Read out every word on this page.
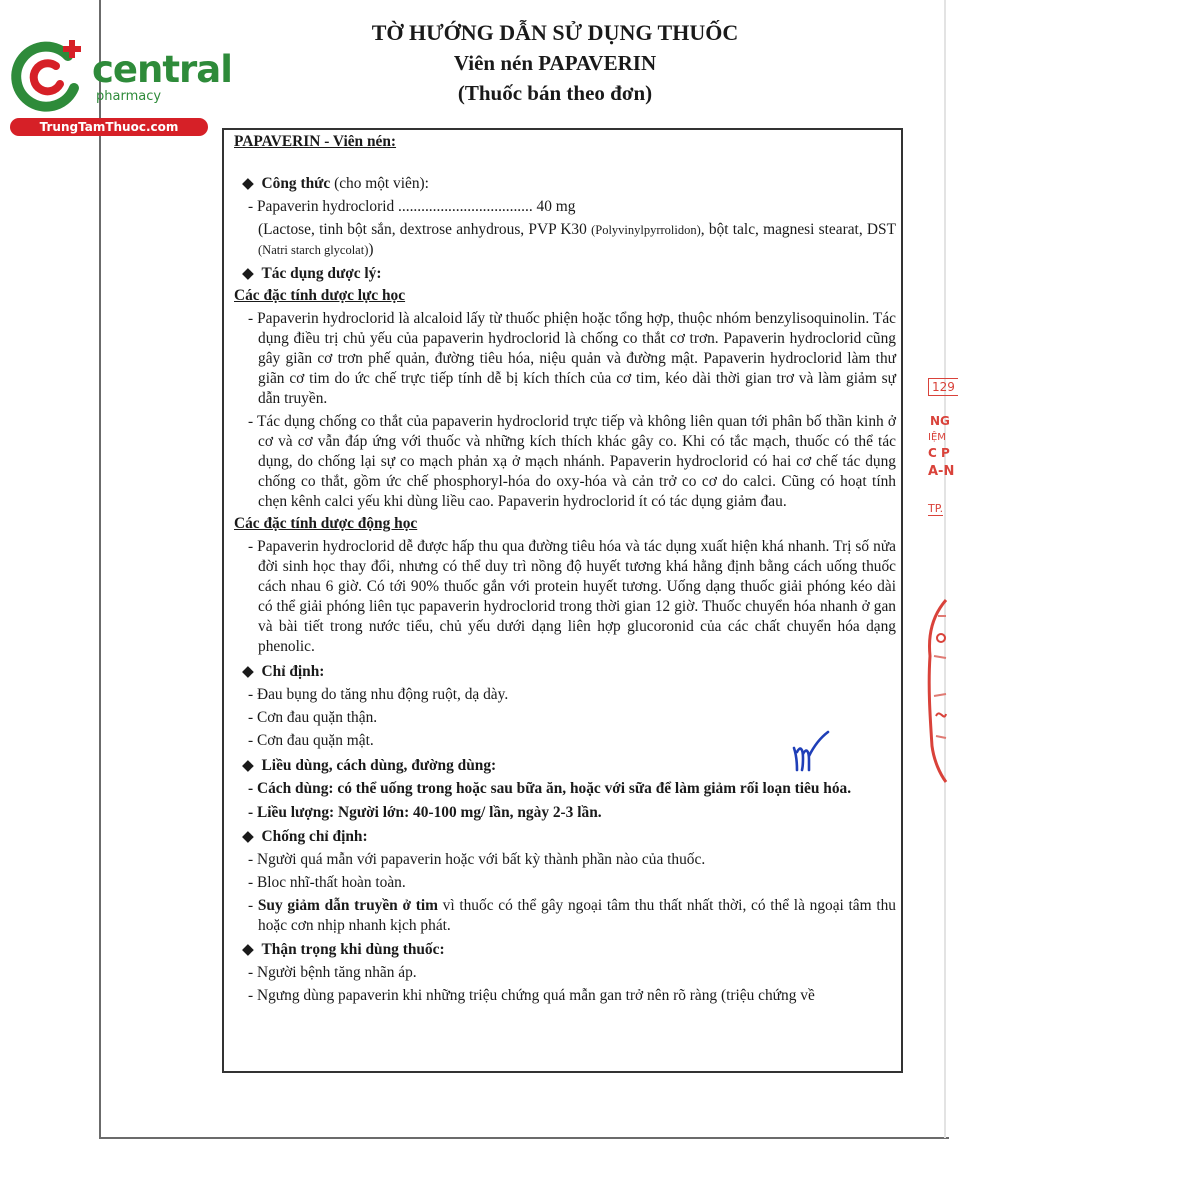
central
pharmacy
TrungTamThuoc.com
TỜ HƯỚNG DẪN SỬ DỤNG THUỐC
Viên nén PAPAVERIN
(Thuốc bán theo đơn)
129
NG
IỆM
C P
A-N
TP.

PAPAVERIN - Viên nén:

◆  Công thức (cho một viên):

- Papaverin hydroclorid ................................... 40 mg

(Lactose, tinh bột sắn, dextrose anhydrous, PVP K30 (Polyvinylpyrrolidon), bột talc, magnesi stearat, DST (Natri starch glycolat))

◆  Tác dụng dược lý:

Các đặc tính dược lực học

- Papaverin hydroclorid là alcaloid lấy từ thuốc phiện hoặc tổng hợp, thuộc nhóm benzylisoquinolin. Tác dụng điều trị chủ yếu của papaverin hydroclorid là chống co thắt cơ trơn. Papaverin hydroclorid cũng gây giãn cơ trơn phế quản, đường tiêu hóa, niệu quản và đường mật. Papaverin hydroclorid làm thư giãn cơ tim do ức chế trực tiếp tính dễ bị kích thích của cơ tim, kéo dài thời gian trơ và làm giảm sự dẫn truyền.

- Tác dụng chống co thắt của papaverin hydroclorid trực tiếp và không liên quan tới phân bố thần kinh ở cơ và cơ vẫn đáp ứng với thuốc và những kích thích khác gây co. Khi có tắc mạch, thuốc có thể tác dụng, do chống lại sự co mạch phản xạ ở mạch nhánh. Papaverin hydroclorid có hai cơ chế tác dụng chống co thắt, gồm ức chế phosphoryl-hóa do oxy-hóa và cản trở co cơ do calci. Cũng có hoạt tính chẹn kênh calci yếu khi dùng liều cao. Papaverin hydroclorid ít có tác dụng giảm đau.

Các đặc tính dược động học

- Papaverin hydroclorid dễ được hấp thu qua đường tiêu hóa và tác dụng xuất hiện khá nhanh. Trị số nửa đời sinh học thay đổi, nhưng có thể duy trì nồng độ huyết tương khá hằng định bằng cách uống thuốc cách nhau 6 giờ. Có tới 90% thuốc gắn với protein huyết tương. Uống dạng thuốc giải phóng kéo dài có thể giải phóng liên tục papaverin hydroclorid trong thời gian 12 giờ. Thuốc chuyển hóa nhanh ở gan và bài tiết trong nước tiểu, chủ yếu dưới dạng liên hợp glucoronid của các chất chuyển hóa dạng phenolic.

◆  Chỉ định:

- Đau bụng do tăng nhu động ruột, dạ dày.

- Cơn đau quặn thận.

- Cơn đau quặn mật.

◆  Liều dùng, cách dùng, đường dùng:

- Cách dùng: có thể uống trong hoặc sau bữa ăn, hoặc với sữa để làm giảm rối loạn tiêu hóa.

- Liều lượng: Người lớn: 40-100 mg/ lần, ngày 2-3 lần.

◆  Chống chỉ định:

- Người quá mẫn với papaverin hoặc với bất kỳ thành phần nào của thuốc.

- Bloc nhĩ-thất hoàn toàn.

- Suy giảm dẫn truyền ở tim vì thuốc có thể gây ngoại tâm thu thất nhất thời, có thể là ngoại tâm thu hoặc cơn nhịp nhanh kịch phát.

◆  Thận trọng khi dùng thuốc:

- Người bệnh tăng nhãn áp.

- Ngưng dùng papaverin khi những triệu chứng quá mẫn gan trở nên rõ ràng (triệu chứng về
